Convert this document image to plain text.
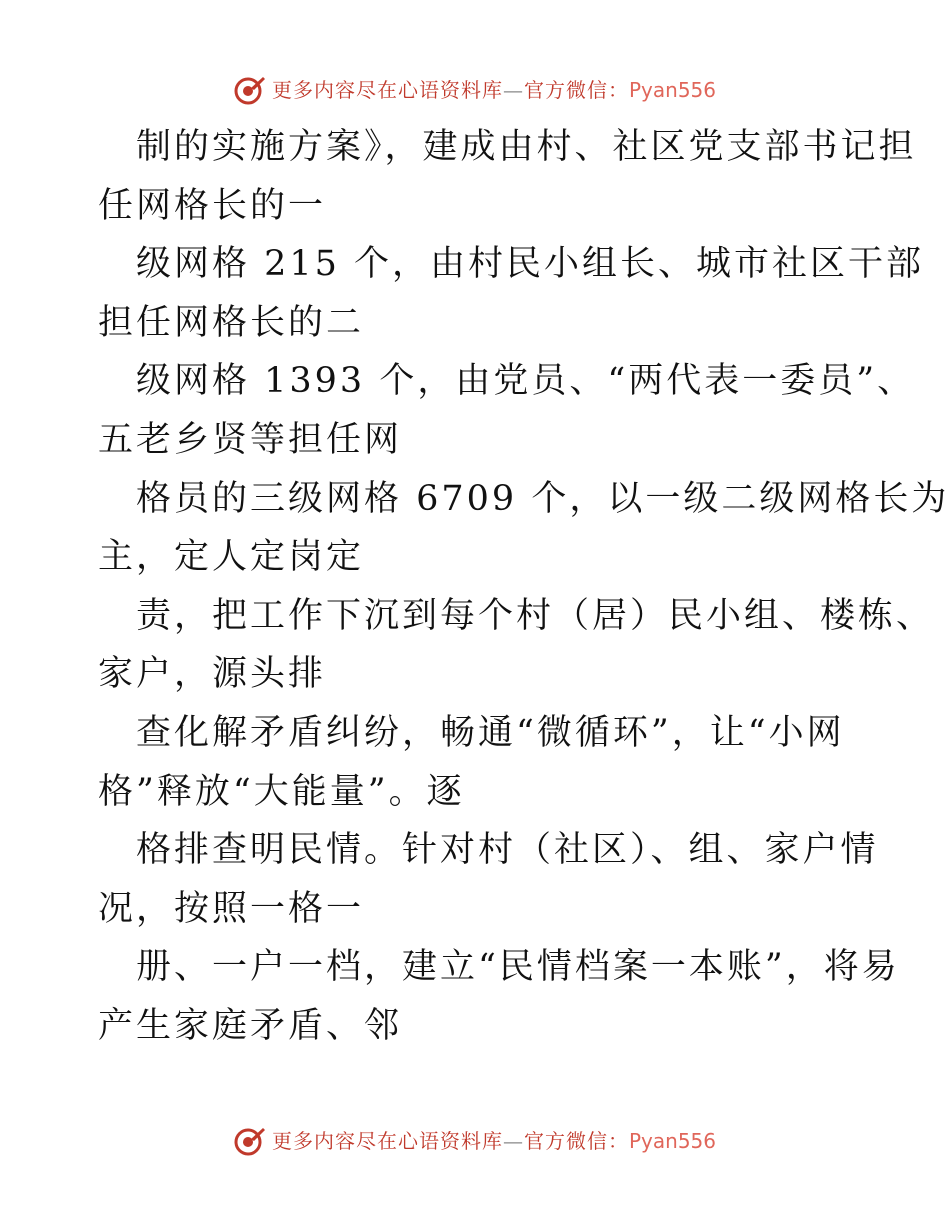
更多内容尽在心语资料库—官方微信：Pyan556
制的实施方案》，建成由村、社区党支部书记担
任网格长的一
级网格 215 个，由村民小组长、城市社区干部
担任网格长的二
级网格 1393 个，由党员、“两代表一委员”、
五老乡贤等担任网
格员的三级网格 6709 个，以一级二级网格长为
主，定人定岗定
责，把工作下沉到每个村（居）民小组、楼栋、
家户，源头排
查化解矛盾纠纷，畅通“微循环”，让“小网
格”释放“大能量”。逐
格排查明民情。针对村（社区）、组、家户情
况，按照一格一
册、一户一档，建立“民情档案一本账”，将易
产生家庭矛盾、邻
更多内容尽在心语资料库—官方微信：Pyan556
